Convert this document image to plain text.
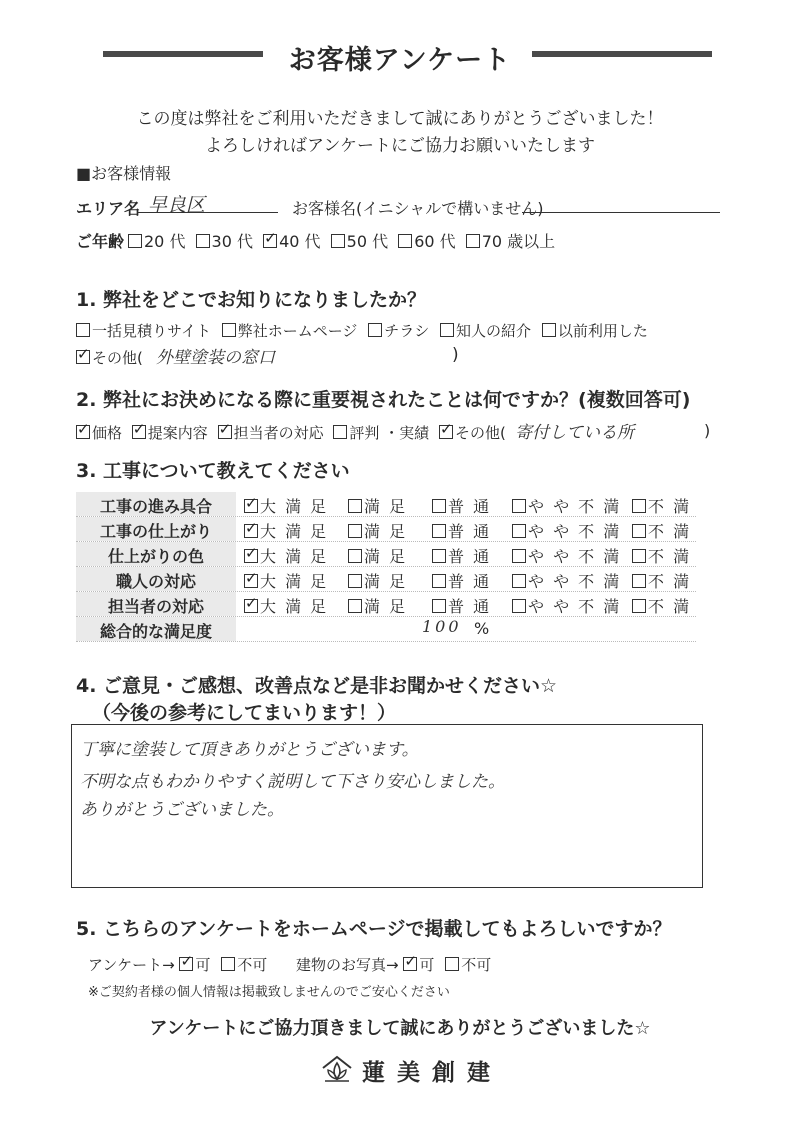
お客様アンケート
この度は弊社をご利用いただきまして誠にありがとうございました！
よろしければアンケートにご協力お願いいたします
■お客様情報
エリア名 早良区	お客様名(イニシャルで構いません)
ご年齢	20 代 30 代 ✓ 40 代 50 代 60 代 70 歳以上
1. 弊社をどこでお知りになりましたか？
一括見積りサイト 弊社ホームページ チラシ 知人の紹介 以前利用した
✓その他( 外壁塗装の窓口	)
2. 弊社にお決めになる際に重要視されたことは何ですか？(複数回答可)
✓価格 ✓ 提案内容 ✓ 担当者の対応 評判 ・実績 ✓ その他( 寄付している所	)
3. 工事について教えてください
工事の進み具合 ✓	大 満 足	満 足	普 通	や や 不 満	不 満
工事の仕上がり ✓	大 満 足	満 足	普 通	や や 不 満	不 満
仕上がりの色 ✓	大 満 足	満 足	普 通	や や 不 満	不 満
職人の対応 ✓	大 満 足	満 足	普 通	や や 不 満	不 満
担当者の対応 ✓	大 満 足	満 足	普 通	や や 不 満	不 満
総合的な満足度	100 %
4. ご意見・ご感想、改善点など是非お聞かせください☆
（今後の参考にしてまいります！）
丁寧に塗装して頂きありがとうございます。
不明な点もわかりやすく説明して下さり安心しました。
ありがとうございました。
5. こちらのアンケートをホームページで掲載してもよろしいですか？
アンケート→ ✓ 可 不可 建物のお写真→ ✓ 可 不可
※ご契約者様の個人情報は掲載致しませんのでご安心ください
アンケートにご協力頂きまして誠にありがとうございました☆
蓮 美 創 建
